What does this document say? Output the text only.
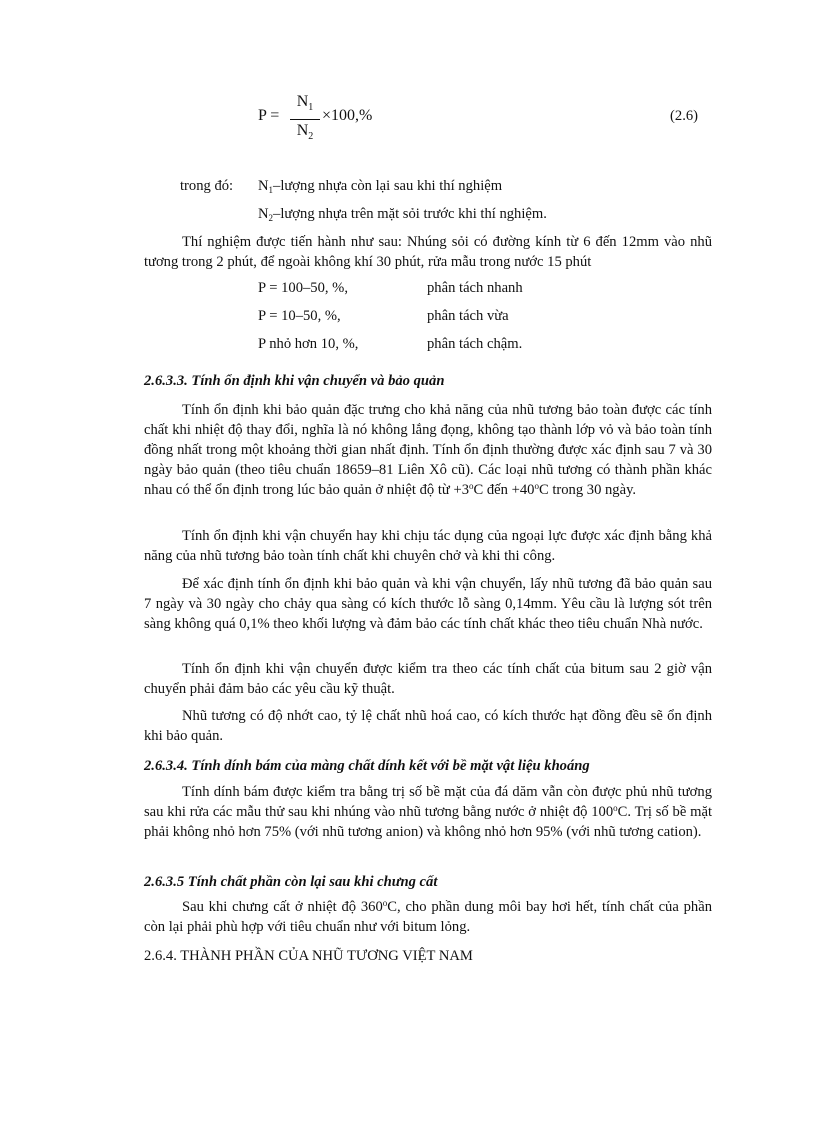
P =
$N_1$
$N_2$
×100,%	(2.6)
trong đó: $N_1$–lượng nhựa còn lại sau khi thí nghiệm
$N_2$–lượng nhựa trên mặt sỏi trước khi thí nghiệm.
Thí nghiệm được tiến hành như sau: Nhúng sỏi có đường kính từ 6 đến 12mm vào nhũ tương trong 2 phút, để ngoài không khí 30 phút, rửa mẫu trong nước 15 phút
P = 100–50, %,	phân tách nhanh
P = 10–50, %,	phân tách vừa
P nhỏ hơn 10, %,	phân tách chậm.
2.6.3.3. Tính ổn định khi vận chuyển và bảo quản
Tính ổn định khi bảo quản đặc trưng cho khả năng của nhũ tương bảo toàn được các tính chất khi nhiệt độ thay đổi, nghĩa là nó không lắng đọng, không tạo thành lớp vỏ và bảo toàn tính đồng nhất trong một khoảng thời gian nhất định. Tính ổn định thường được xác định sau 7 và 30 ngày bảo quản (theo tiêu chuẩn 18659–81 Liên Xô cũ). Các loại nhũ tương có thành phần khác nhau có thể ổn định trong lúc bảo quản ở nhiệt độ từ $+3^oC$ đến $+40^oC$ trong 30 ngày.
Tính ổn định khi vận chuyển hay khi chịu tác dụng của ngoại lực được xác định bằng khả năng của nhũ tương bảo toàn tính chất khi chuyên chở và khi thi công.
Để xác định tính ổn định khi bảo quản và khi vận chuyển, lấy nhũ tương đã bảo quản sau 7 ngày và 30 ngày cho chảy qua sàng có kích thước lỗ sàng 0,14mm. Yêu cầu là lượng sót trên sàng không quá 0,1% theo khối lượng và đảm bảo các tính chất khác theo tiêu chuẩn Nhà nước.
Tính ổn định khi vận chuyển được kiểm tra theo các tính chất của bitum sau 2 giờ vận chuyển phải đảm bảo các yêu cầu kỹ thuật.
Nhũ tương có độ nhớt cao, tỷ lệ chất nhũ hoá cao, có kích thước hạt đồng đều sẽ ổn định khi bảo quản.
2.6.3.4. Tính dính bám của màng chất dính kết với bề mặt vật liệu khoáng
Tính dính bám được kiểm tra bằng trị số bề mặt của đá dăm vẫn còn được phủ nhũ tương sau khi rửa các mẫu thử sau khi nhúng vào nhũ tương bằng nước ở nhiệt độ 100$^o$C. Trị số bề mặt phải không nhỏ hơn 75% (với nhũ tương anion) và không nhỏ hơn 95% (với nhũ tương cation).
2.6.3.5 Tính chất phần còn lại sau khi chưng cất
Sau khi chưng cất ở nhiệt độ 360$^o$C, cho phần dung môi bay hơi hết, tính chất của phần còn lại phải phù hợp với tiêu chuẩn như với bitum lỏng.
2.6.4. THÀNH PHẦN CỦA NHŨ TƯƠNG VIỆT NAM
